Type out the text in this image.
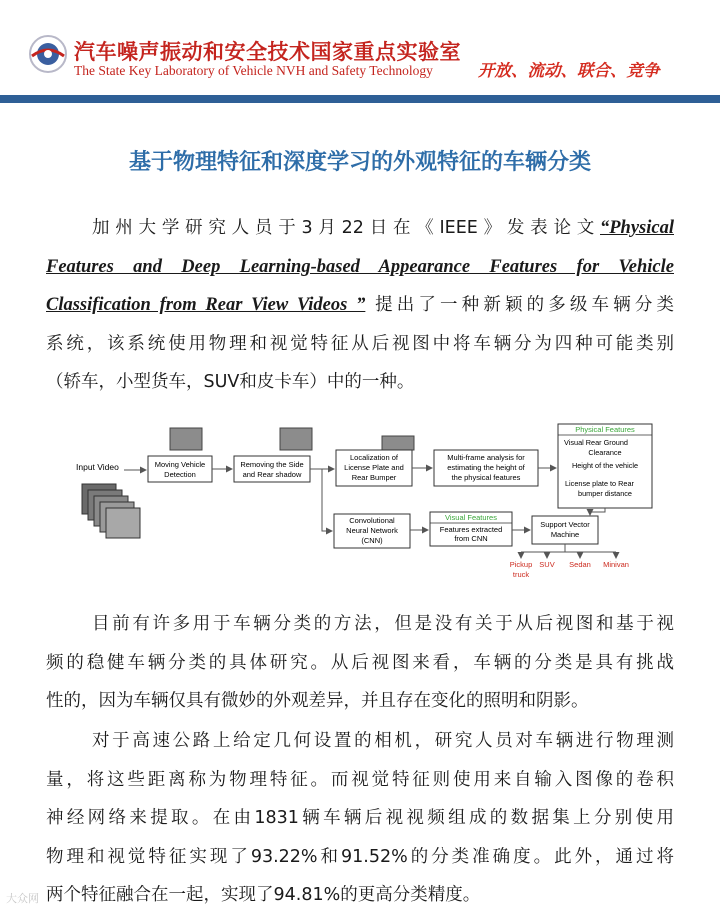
汽车噪声振动和安全技术国家重点实验室
The State Key Laboratory of Vehicle NVH and Safety Technology	开放、流动、联合、竞争
基于物理特征和深度学习的外观特征的车辆分类
加州大学研究人员于3月22日在《IEEE》发表论文“Physical
Features and Deep Learning-based Appearance Features for Vehicle
Classification from Rear View Videos ” 提出了一种新颖的多级车辆分类
系统，该系统使用物理和视觉特征从后视图中将车辆分为四种可能类别
（轿车，小型货车，SUV和皮卡车）中的一种。
Input Video	Moving Vehicle Detection
Removing the Side and Rear shadow
Localization of License Plate and Rear Bumper
Multi-frame analysis for estimating the height of the physical features
Physical Features
Visual Rear Ground Clearance
Height of the vehicle
License plate to Rear bumper distance
Convolutional Neural Network (CNN)
Visual Features
Features extracted from CNN
Support Vector Machine
Pickup truck
SUV Sedan Minivan
目前有许多用于车辆分类的方法，但是没有关于从后视图和基于视
频的稳健车辆分类的具体研究。从后视图来看，车辆的分类是具有挑战
性的，因为车辆仅具有微妙的外观差异，并且存在变化的照明和阴影。
对于高速公路上给定几何设置的相机，研究人员对车辆进行物理测
量，将这些距离称为物理特征。而视觉特征则使用来自输入图像的卷积
神经网络来提取。在由1831辆车辆后视视频组成的数据集上分别使用
物理和视觉特征实现了93.22%和91.52%的分类准确度。此外，通过将
两个特征融合在一起，实现了94.81%的更高分类精度。
大众网
